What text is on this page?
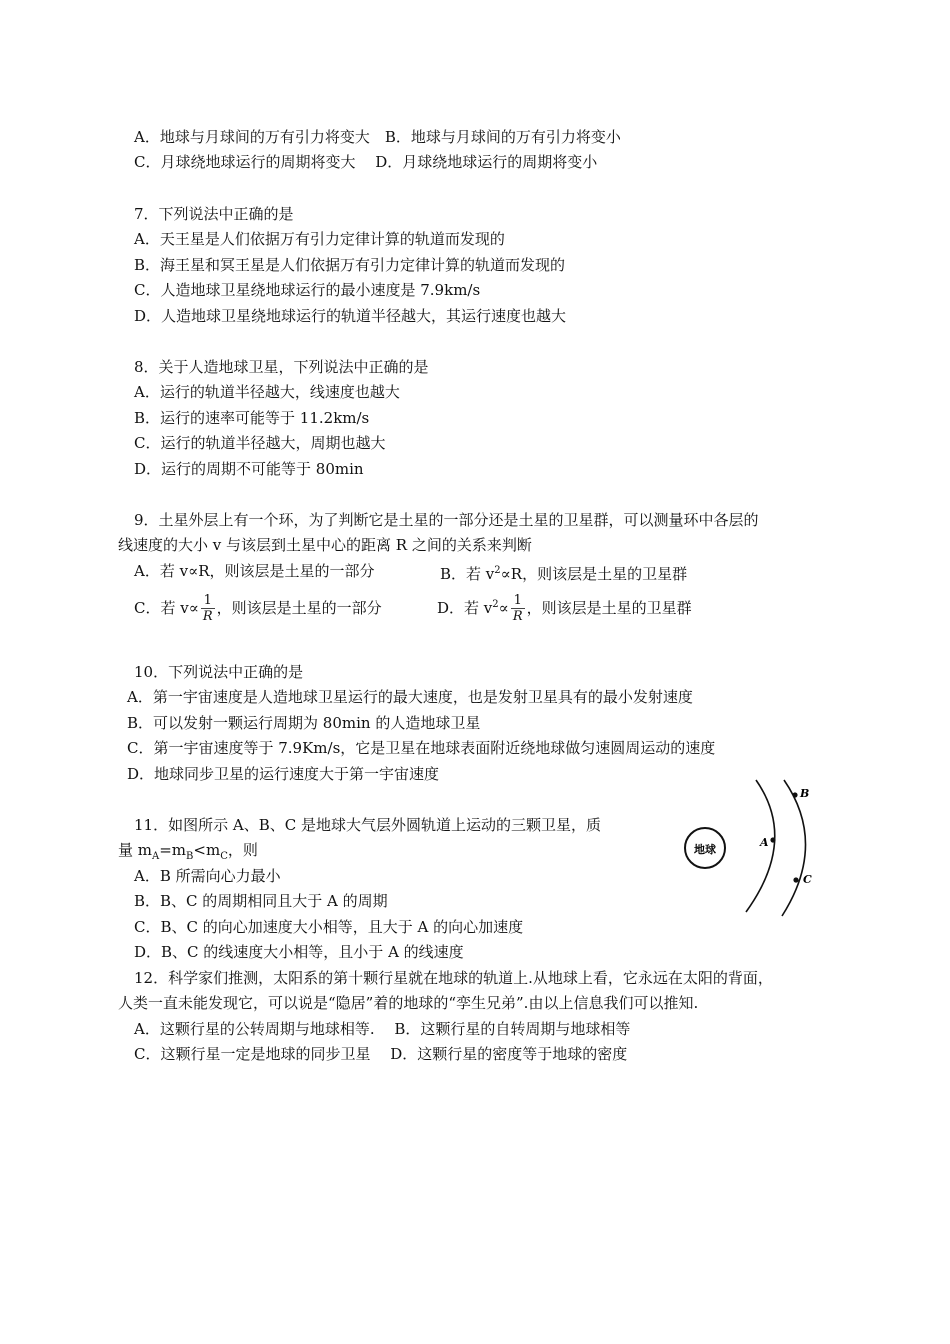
A．地球与月球间的万有引力将变大　B．地球与月球间的万有引力将变小
C．月球绕地球运行的周期将变大　 D．月球绕地球运行的周期将变小
7．下列说法中正确的是
A．天王星是人们依据万有引力定律计算的轨道而发现的
B．海王星和冥王星是人们依据万有引力定律计算的轨道而发现的
C．人造地球卫星绕地球运行的最小速度是 7.9km/s
D．人造地球卫星绕地球运行的轨道半径越大，其运行速度也越大
8．关于人造地球卫星，下列说法中正确的是
A．运行的轨道半径越大，线速度也越大
B．运行的速率可能等于 11.2km/s
C．运行的轨道半径越大，周期也越大
D．运行的周期不可能等于 80min
9．土星外层上有一个环，为了判断它是土星的一部分还是土星的卫星群，可以测量环中各层的
线速度的大小 v 与该层到土星中心的距离 R 之间的关系来判断
A．若 v∝R，则该层是土星的一部分	B．若 $v^2\propto R$，则该层是土星的卫星群
C．若 $v\propto \frac{1}{R}$ ，则该层是土星的一部分	D．若 $v^2\propto \frac{1}{R}$ ，则该层是土星的卫星群
10．下列说法中正确的是
A．第一宇宙速度是人造地球卫星运行的最大速度，也是发射卫星具有的最小发射速度
B．可以发射一颗运行周期为 80min 的人造地球卫星
C．第一宇宙速度等于 7.9Km/s，它是卫星在地球表面附近绕地球做匀速圆周运动的速度
D．地球同步卫星的运行速度大于第一宇宙速度
11．如图所示 A、B、C 是地球大气层外圆轨道上运动的三颗卫星，质
量 $m_A=m_B<m_C$，则
A．B 所需向心力最小
B．B、C 的周期相同且大于 A 的周期
C．B、C 的向心加速度大小相等，且大于 A 的向心加速度
D．B、C 的线速度大小相等，且小于 A 的线速度
12．科学家们推测，太阳系的第十颗行星就在地球的轨道上.从地球上看，它永远在太阳的背面，
人类一直未能发现它，可以说是“隐居”着的地球的“孪生兄弟”.由以上信息我们可以推知.
A．这颗行星的公转周期与地球相等.　 B．这颗行星的自转周期与地球相等
C．这颗行星一定是地球的同步卫星　 D．这颗行星的密度等于地球的密度
地球
A
B
C
